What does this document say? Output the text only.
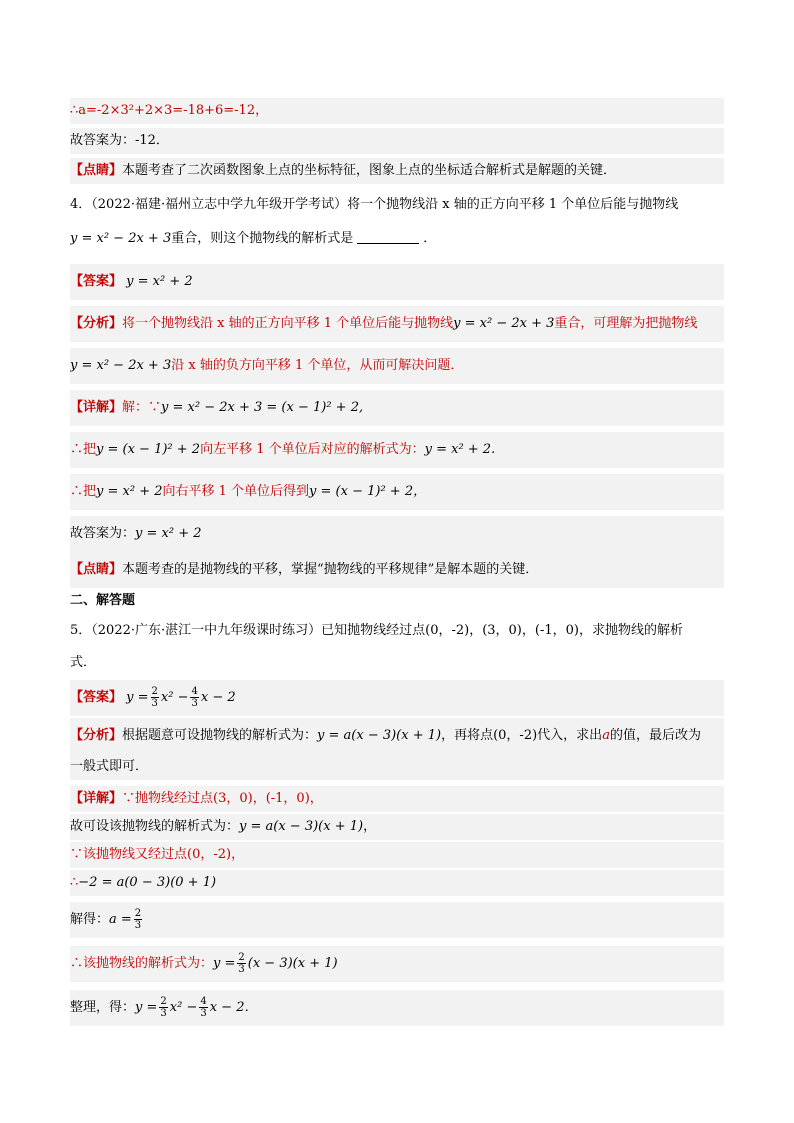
∴a=-2×3²+2×3=-18+6=-12，
故答案为：-12．
【点睛】本题考查了二次函数图象上点的坐标特征，图象上点的坐标适合解析式是解题的关键．
4．（2022·福建·福州立志中学九年级开学考试）将一个抛物线沿 x 轴的正方向平移 1 个单位后能与抛物线
y = x² − 2x + 3重合，则这个抛物线的解析式是	．
【答案】 y = x² + 2
【分析】将一个抛物线沿 x 轴的正方向平移 1 个单位后能与抛物线y = x² − 2x + 3重合，可理解为把抛物线
y = x² − 2x + 3沿 x 轴的负方向平移 1 个单位，从而可解决问题．
【详解】解：∵y = x² − 2x + 3 = (x − 1)² + 2,
∴把y = (x − 1)² + 2向左平移 1 个单位后对应的解析式为：y = x² + 2.
∴把y = x² + 2向右平移 1 个单位后得到y = (x − 1)² + 2，
故答案为：y = x² + 2
【点睛】本题考查的是抛物线的平移，掌握“抛物线的平移规律”是解本题的关键．
二、解答题
5．（2022·广东·湛江一中九年级课时练习）已知抛物线经过点(0，-2)，(3，0)，(-1，0)，求抛物线的解析
式．
【答案】 $y = \frac{2}{3} x^2 - \frac{4}{3}$ x − 2
【分析】根据题意可设抛物线的解析式为：y = a(x − 3)(x + 1)，再将点(0，-2)代入，求出a的值，最后改为
一般式即可．
【详解】∵抛物线经过点(3，0)，(-1，0)，
故可设该抛物线的解析式为：y = a(x − 3)(x + 1)，
∵该抛物线又经过点(0，-2)，
∴−2 = a(0 − 3)(0 + 1)
解得：$a = \frac{2}{3}$
∴该抛物线的解析式为：$y = \frac{2}{3} (x - 3)(x + 1)$
整理，得：$y = \frac{2}{3} x^2 - \frac{4}{3}$ x − 2．
